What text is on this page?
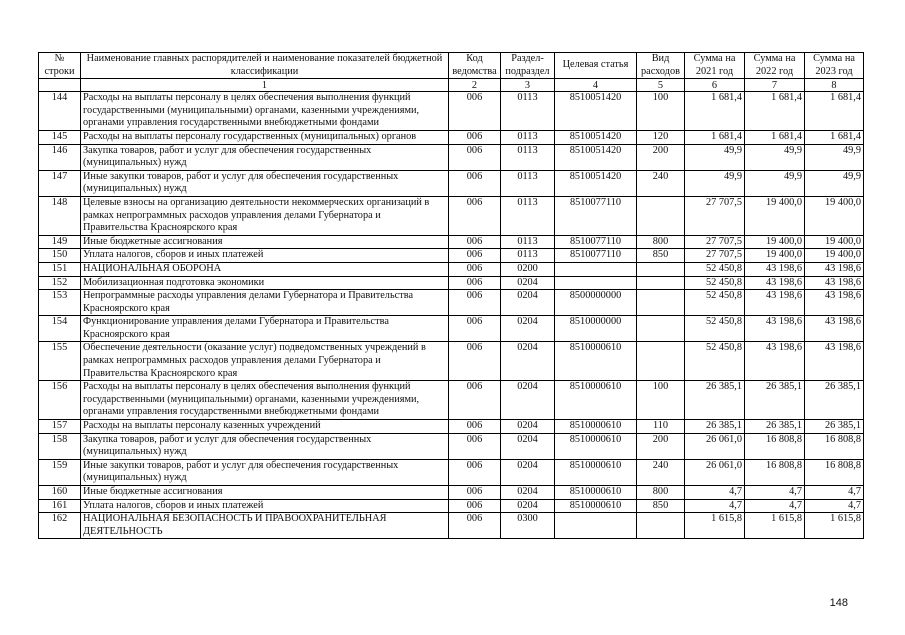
№ строки	Наименование главных распорядителей и наименование показателей бюджетной классификации	Код ведомства	Раздел-подраздел	Целевая статья	Вид расходов	Сумма на 2021 год	Сумма на 2022 год	Сумма на 2023 год
	1	2	3	4	5	6	7	8
144	Расходы на выплаты персоналу в целях обеспечения выполнения функций государственными (муниципальными) органами, казенными учреждениями, органами управления государственными внебюджетными фондами	006	0113	8510051420	100	1 681,4	1 681,4	1 681,4
145	Расходы на выплаты персоналу государственных (муниципальных) органов	006	0113	8510051420	120	1 681,4	1 681,4	1 681,4
146	Закупка товаров, работ и услуг для обеспечения государственных (муниципальных) нужд	006	0113	8510051420	200	49,9	49,9	49,9
147	Иные закупки товаров, работ и услуг для обеспечения государственных (муниципальных) нужд	006	0113	8510051420	240	49,9	49,9	49,9
148	Целевые взносы на организацию деятельности некоммерческих организаций в рамках непрограммных расходов управления делами Губернатора и Правительства Красноярского края	006	0113	8510077110		27 707,5	19 400,0	19 400,0
149	Иные бюджетные ассигнования	006	0113	8510077110	800	27 707,5	19 400,0	19 400,0
150	Уплата налогов, сборов и иных платежей	006	0113	8510077110	850	27 707,5	19 400,0	19 400,0
151	НАЦИОНАЛЬНАЯ ОБОРОНА	006	0200			52 450,8	43 198,6	43 198,6
152	Мобилизационная подготовка экономики	006	0204			52 450,8	43 198,6	43 198,6
153	Непрограммные расходы управления делами Губернатора и Правительства Красноярского края	006	0204	8500000000		52 450,8	43 198,6	43 198,6
154	Функционирование управления делами Губернатора и Правительства Красноярского края	006	0204	8510000000		52 450,8	43 198,6	43 198,6
155	Обеспечение деятельности (оказание услуг) подведомственных учреждений в рамках непрограммных расходов управления делами Губернатора и Правительства Красноярского края	006	0204	8510000610		52 450,8	43 198,6	43 198,6
156	Расходы на выплаты персоналу в целях обеспечения выполнения функций государственными (муниципальными) органами, казенными учреждениями, органами управления государственными внебюджетными фондами	006	0204	8510000610	100	26 385,1	26 385,1	26 385,1
157	Расходы на выплаты персоналу казенных учреждений	006	0204	8510000610	110	26 385,1	26 385,1	26 385,1
158	Закупка товаров, работ и услуг для обеспечения государственных (муниципальных) нужд	006	0204	8510000610	200	26 061,0	16 808,8	16 808,8
159	Иные закупки товаров, работ и услуг для обеспечения государственных (муниципальных) нужд	006	0204	8510000610	240	26 061,0	16 808,8	16 808,8
160	Иные бюджетные ассигнования	006	0204	8510000610	800	4,7	4,7	4,7
161	Уплата налогов, сборов и иных платежей	006	0204	8510000610	850	4,7	4,7	4,7
162	НАЦИОНАЛЬНАЯ БЕЗОПАСНОСТЬ И ПРАВООХРАНИТЕЛЬНАЯ ДЕЯТЕЛЬНОСТЬ	006	0300			1 615,8	1 615,8	1 615,8
148
